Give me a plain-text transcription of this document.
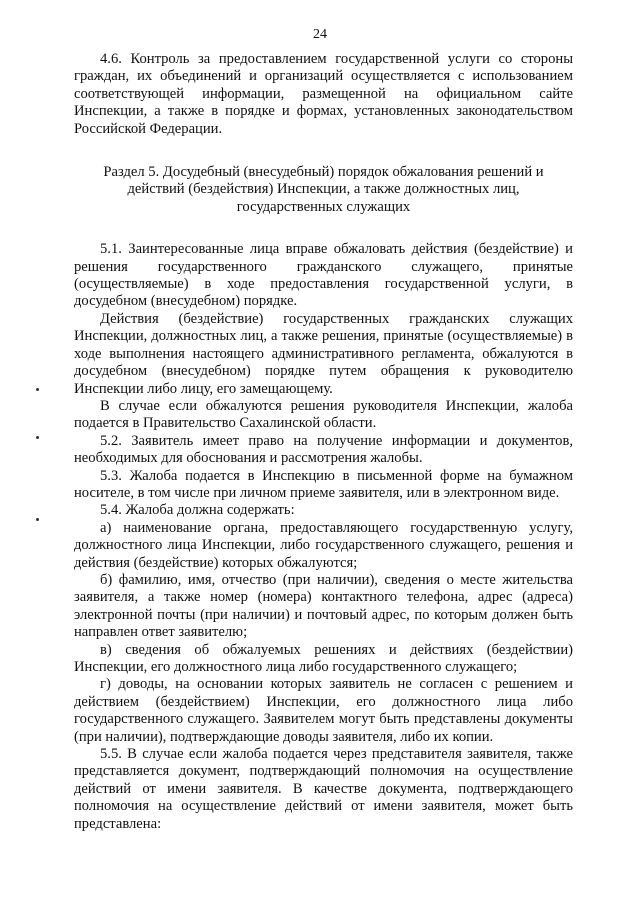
24

4.6. Контроль за предоставлением государственной услуги со стороны граждан, их объединений и организаций осуществляется с использованием соответствующей информации, размещенной на официальном сайте Инспекции, а также в порядке и формах, установленных законодательством Российской Федерации.

Раздел 5. Досудебный (внесудебный) порядок обжалования решений и действий (бездействия) Инспекции, а также должностных лиц, государственных служащих

5.1. Заинтересованные лица вправе обжаловать действия (бездействие) и решения государственного гражданского служащего, принятые (осуществляемые) в ходе предоставления государственной услуги, в досудебном (внесудебном) порядке.

Действия (бездействие) государственных гражданских служащих Инспекции, должностных лиц, а также решения, принятые (осуществляемые) в ходе выполнения настоящего административного регламента, обжалуются в досудебном (внесудебном) порядке путем обращения к руководителю Инспекции либо лицу, его замещающему.

В случае если обжалуются решения руководителя Инспекции, жалоба подается в Правительство Сахалинской области.

5.2. Заявитель имеет право на получение информации и документов, необходимых для обоснования и рассмотрения жалобы.

5.3. Жалоба подается в Инспекцию в письменной форме на бумажном носителе, в том числе при личном приеме заявителя, или в электронном виде.

5.4. Жалоба должна содержать:

а) наименование органа, предоставляющего государственную услугу, должностного лица Инспекции, либо государственного служащего, решения и действия (бездействие) которых обжалуются;

б) фамилию, имя, отчество (при наличии), сведения о месте жительства заявителя, а также номер (номера) контактного телефона, адрес (адреса) электронной почты (при наличии) и почтовый адрес, по которым должен быть направлен ответ заявителю;

в) сведения об обжалуемых решениях и действиях (бездействии) Инспекции, его должностного лица либо государственного служащего;

г) доводы, на основании которых заявитель не согласен с решением и действием (бездействием) Инспекции, его должностного лица либо государственного служащего. Заявителем могут быть представлены документы (при наличии), подтверждающие доводы заявителя, либо их копии.

5.5. В случае если жалоба подается через представителя заявителя, также представляется документ, подтверждающий полномочия на осуществление действий от имени заявителя. В качестве документа, подтверждающего полномочия на осуществление действий от имени заявителя, может быть представлена:
